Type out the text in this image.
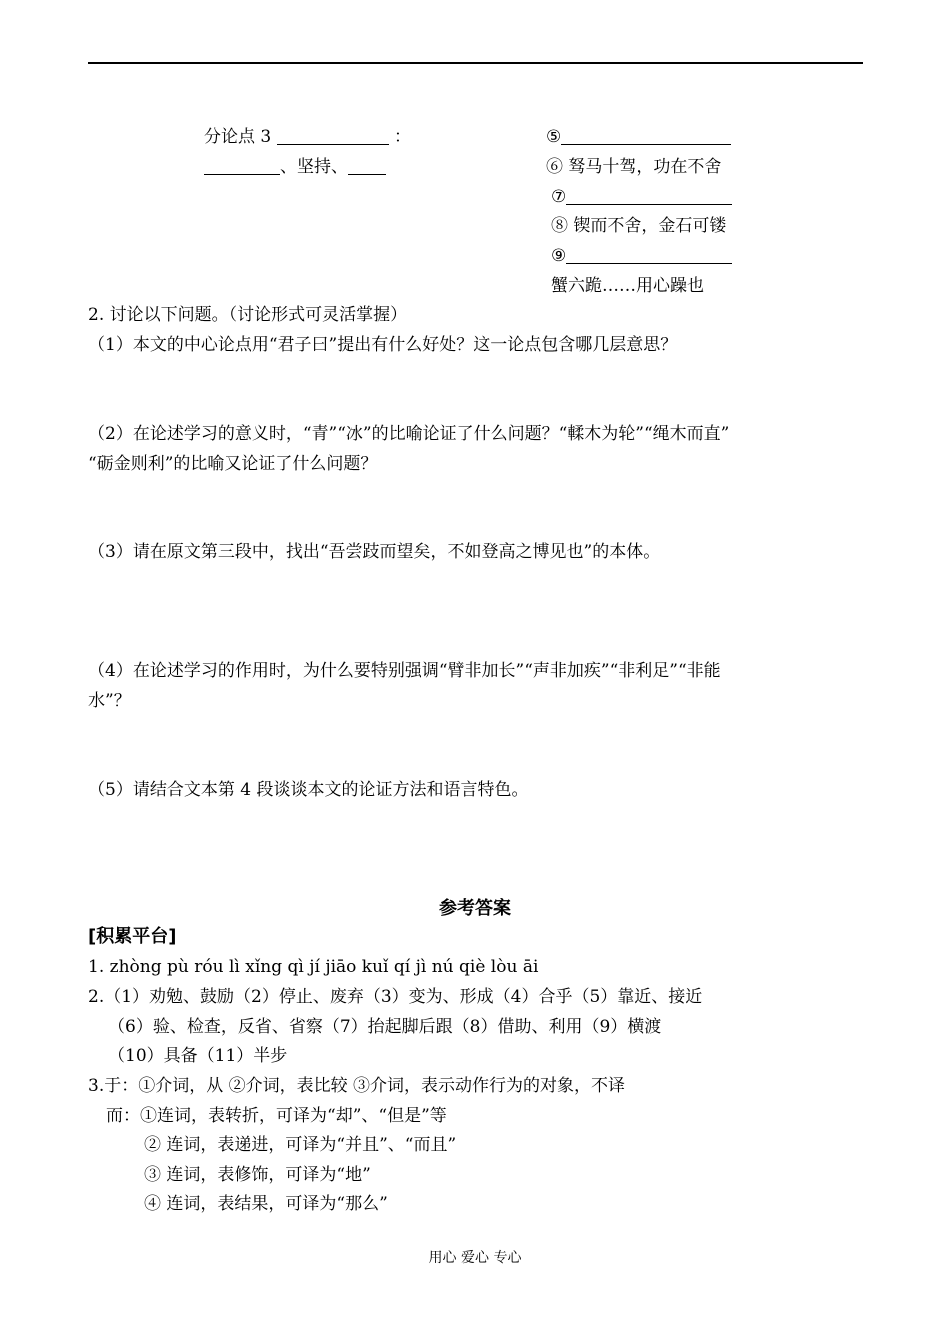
分论点 3	：
、坚持、
⑤
⑥ 驽马十驾，功在不舍
⑦
⑧ 锲而不舍，金石可镂
⑨
蟹六跪……用心躁也
2. 讨论以下问题。（讨论形式可灵活掌握）
（1）本文的中心论点用“君子曰”提出有什么好处？这一论点包含哪几层意思？
（2）在论述学习的意义时，“青”“冰”的比喻论证了什么问题？“輮木为轮”“绳木而直”
“砺金则利”的比喻又论证了什么问题？
（3）请在原文第三段中，找出“吾尝跂而望矣，不如登高之博见也”的本体。
（4）在论述学习的作用时，为什么要特别强调“臂非加长”“声非加疾”“非利足”“非能
水”？
（5）请结合文本第 4 段谈谈本文的论证方法和语言特色。
参考答案
[积累平台]
1. zhòng pù róu lì xǐng qì jí jiāo kuǐ qí jì nú qiè lòu āi
2.（1）劝勉、鼓励（2）停止、废弃（3）变为、形成（4）合乎（5）靠近、接近
（6）验、检查，反省、省察（7）抬起脚后跟（8）借助、利用（9）横渡
（10）具备（11）半步
3.于：①介词，从 ②介词，表比较 ③介词，表示动作行为的对象，不译
而：①连词，表转折，可译为“却”、“但是”等
② 连词，表递进，可译为“并且”、“而且”
③ 连词，表修饰，可译为“地”
④ 连词，表结果，可译为“那么”
用心 爱心 专心
